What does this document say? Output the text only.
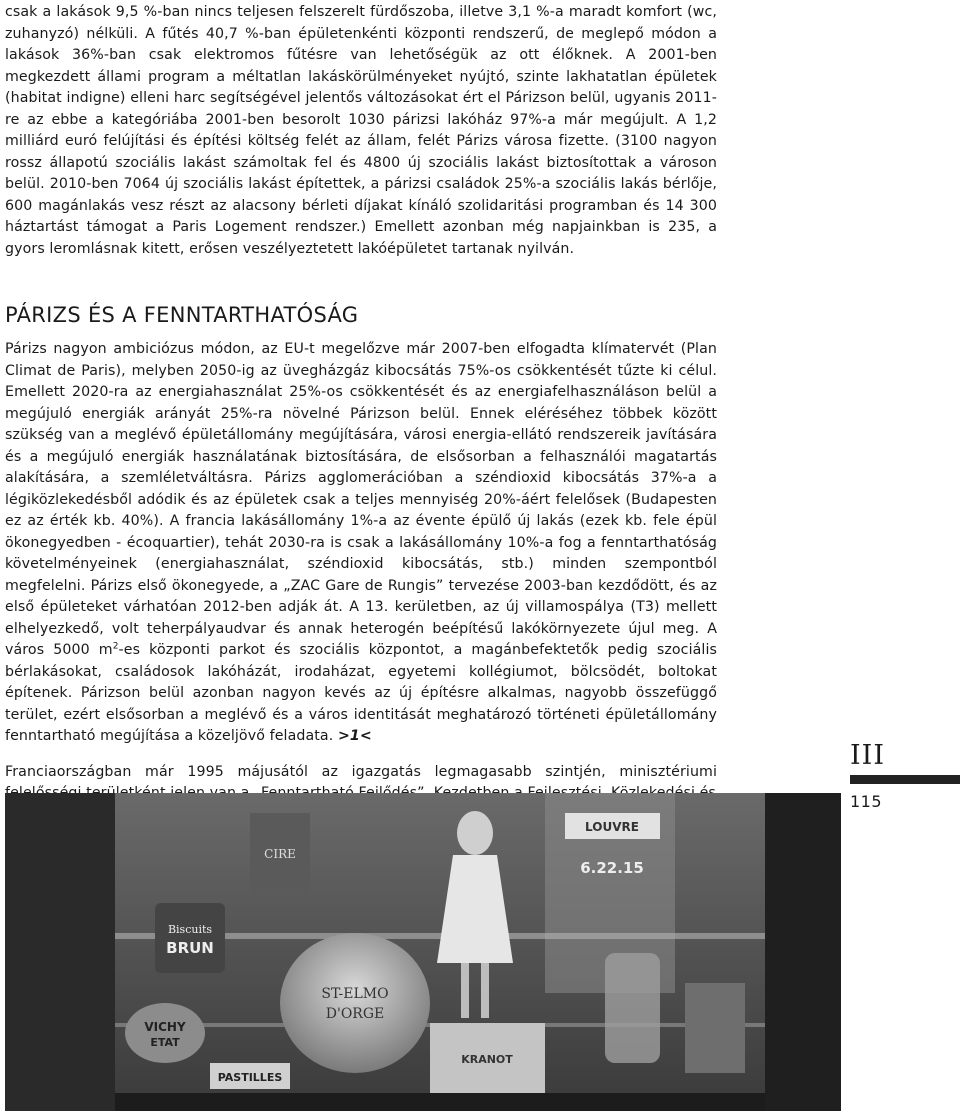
csak a lakások 9,5 %-ban nincs teljesen felszerelt fürdőszoba, illetve 3,1 %-a maradt komfort (wc, zuhanyzó) nélküli. A fűtés 40,7 %-ban épületenkénti központi rendszerű, de meglepő módon a lakások 36%-ban csak elektromos fűtésre van lehetőségük az ott élőknek. A 2001-ben megkezdett állami program a méltatlan lakáskörülményeket nyújtó, szinte lakhatatlan épületek (habitat indigne) elleni harc segítségével jelentős változásokat ért el Párizson belül, ugyanis 2011-re az ebbe a kategóriába 2001-ben besorolt 1030 párizsi lakóház 97%-a már megújult. A 1,2 milliárd euró felújítási és építési költség felét az állam, felét Párizs városa fizette. (3100 nagyon rossz állapotú szociális lakást számoltak fel és 4800 új szociális lakást biztosítottak a városon belül. 2010-ben 7064 új szociális lakást építettek, a párizsi családok 25%-a szociális lakás bérlője, 600 magánlakás vesz részt az alacsony bérleti díjakat kínáló szolidaritási programban és 14 300 háztartást támogat a Paris Logement rendszer.) Emellett azonban még napjainkban is 235, a gyors leromlásnak kitett, erősen veszélyeztetett lakóépületet tartanak nyilván.

PÁRIZS ÉS A FENNTARTHATÓSÁG

Párizs nagyon ambiciózus módon, az EU-t megelőzve már 2007-ben elfogadta klímatervét (Plan Climat de Paris), melyben 2050-ig az üvegházgáz kibocsátás 75%-os csökkentését tűzte ki célul. Emellett 2020-ra az energiahasználat 25%-os csökkentését és az energiafelhasználáson belül a megújuló energiák arányát 25%-ra növelné Párizson belül. Ennek eléréséhez többek között szükség van a meglévő épületállomány megújítására, városi energia-ellátó rendszereik javítására és a megújuló energiák használatának biztosítására, de elsősorban a felhasználói magatartás alakítására, a szemléletváltásra. Párizs agglomerációban a széndioxid kibocsátás 37%-a a légiközlekedésből adódik és az épületek csak a teljes mennyiség 20%-áért felelősek (Budapesten ez az érték kb. 40%). A francia lakásállomány 1%-a az évente épülő új lakás (ezek kb. fele épül ökonegyedben - écoquartier), tehát 2030-ra is csak a lakásállomány 10%-a fog a fenntarthatóság követelményeinek (energiahasználat, széndioxid kibocsátás, stb.) minden szempontból megfelelni. Párizs első ökonegyede, a „ZAC Gare de Rungis” tervezése 2003-ban kezdődött, és az első épületeket várhatóan 2012-ben adják át. A 13. kerületben, az új villamospálya (T3) mellett elhelyezkedő, volt teherpályaudvar és annak heterogén beépítésű lakókörnyezete újul meg. A város 5000 $m^2-es$ központi parkot és szociális központot, a magánbefektetők pedig szociális bérlakásokat, családosok lakóházát, irodaházat, egyetemi kollégiumot, bölcsödét, boltokat építenek. Párizson belül azonban nagyon kevés az új építésre alkalmas, nagyobb összefüggő terület, ezért elsősorban a meglévő és a város identitását meghatározó történeti épületállomány fenntartható megújítása a közeljövő feladata. >1<

Franciaországban már 1995 májusától az igazgatás legmagasabb szintjén, minisztériumi

III
115
ST-ELMO
D'ORGE
Biscuits
BRUN
VICHY
ETAT
PASTILLES
CIRE
KRANOT
LOUVRE
6.22.15
